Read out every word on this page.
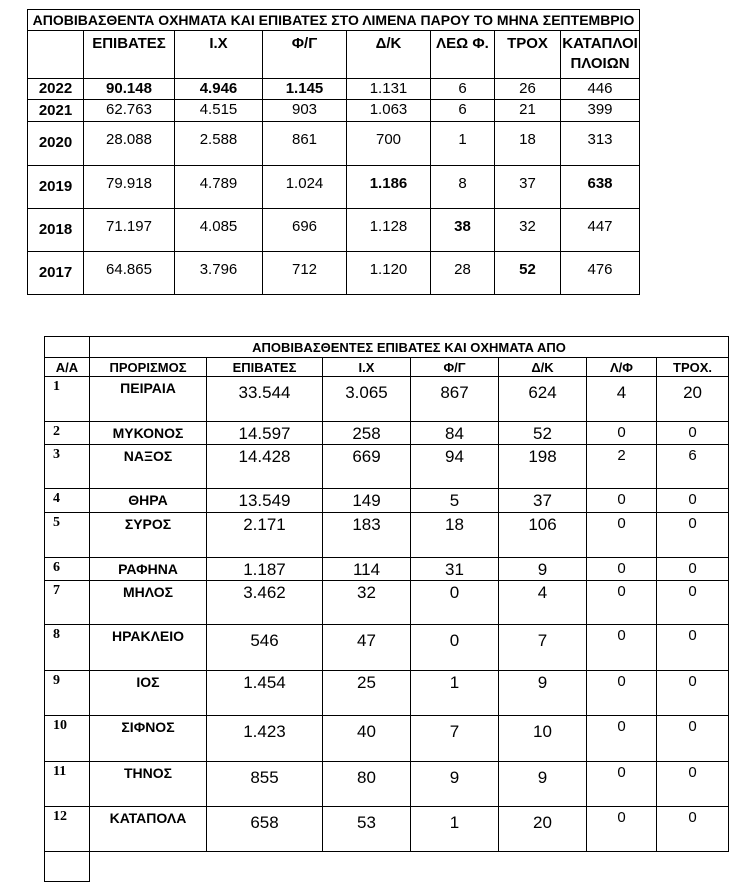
ΑΠΟΒΙΒΑΣΘΕΝΤΑ ΟΧΗΜΑΤΑ ΚΑΙ ΕΠΙΒΑΤΕΣ ΣΤΟ ΛΙΜΕΝΑ ΠΑΡΟΥ ΤΟ ΜΗΝΑ ΣΕΠΤΕΜΒΡΙΟ							
	ΕΠΙΒΑΤΕΣ	Ι.Χ	Φ/Γ	Δ/Κ	ΛΕΩ Φ.	ΤΡΟΧ	ΚΑΤΑΠΛΟΙ ΠΛΟΙΩΝ
2022	90.148	4.946	1.145	1.131	6	26	446
2021	62.763	4.515	903	1.063	6	21	399
2020	28.088	2.588	861	700	1	18	313
2019	79.918	4.789	1.024	1.186	8	37	638
2018	71.197	4.085	696	1.128	38	32	447
2017	64.865	3.796	712	1.120	28	52	476
	ΑΠΟΒΙΒΑΣΘΕΝΤΕΣ ΕΠΙΒΑΤΕΣ ΚΑΙ ΟΧΗΜΑΤΑ ΑΠΟ						
Α/Α	ΠΡΟΡΙΣΜΟΣ	ΕΠΙΒΑΤΕΣ	Ι.Χ	Φ/Γ	Δ/Κ	Λ/Φ	ΤΡΟΧ.
1	ΠΕΙΡΑΙΑ	33.544	3.065	867	624	4	20
2	ΜΥΚΟΝΟΣ	14.597	258	84	52	0	0
3	ΝΑΞΟΣ	14.428	669	94	198	2	6
4	ΘΗΡΑ	13.549	149	5	37	0	0
5	ΣΥΡΟΣ	2.171	183	18	106	0	0
6	ΡΑΦΗΝΑ	1.187	114	31	9	0	0
7	ΜΗΛΟΣ	3.462	32	0	4	0	0
8	ΗΡΑΚΛΕΙΟ	546	47	0	7	0	0
9	ΙΟΣ	1.454	25	1	9	0	0
10	ΣΙΦΝΟΣ	1.423	40	7	10	0	0
11	ΤΗΝΟΣ	855	80	9	9	0	0
12	ΚΑΤΑΠΟΛΑ	658	53	1	20	0	0
